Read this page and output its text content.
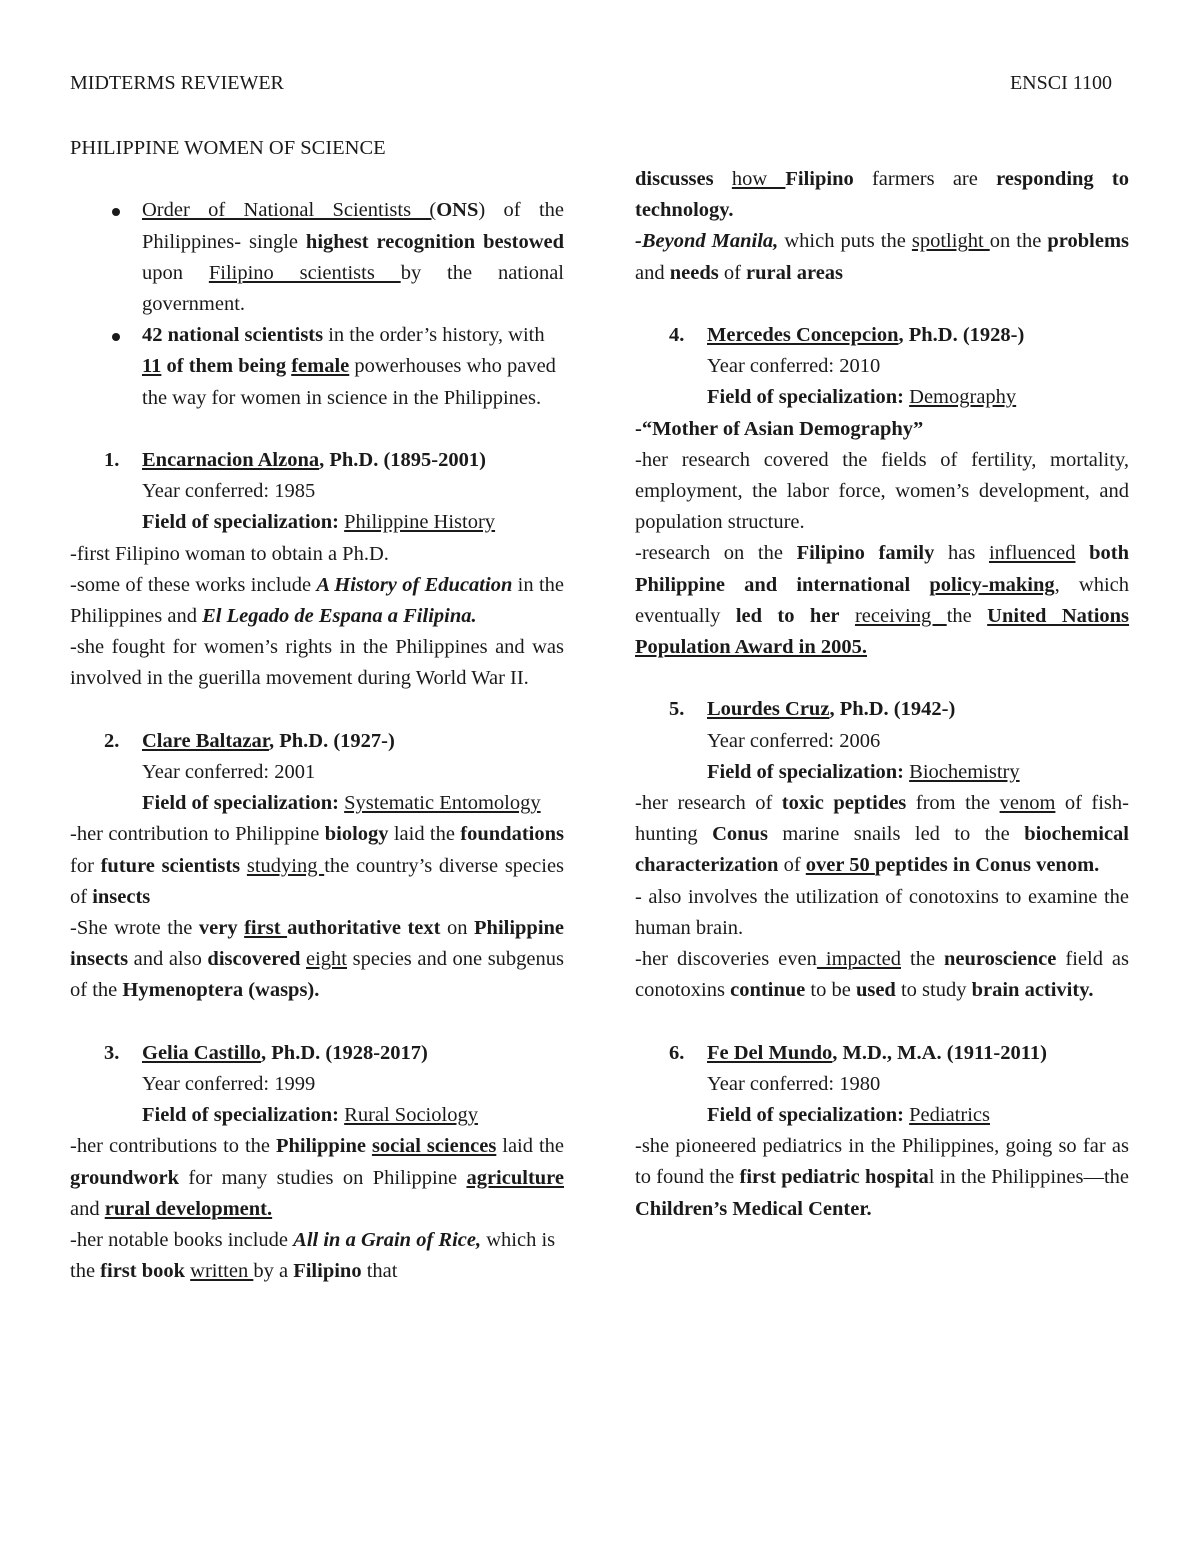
MIDTERMS REVIEWER	ENSCI 1100

PHILIPPINE WOMEN OF SCIENCE

Order of National Scientists (ONS) of the Philippines- single highest recognition bestowed upon Filipino scientists by the national government.
42 national scientists in the order’s history, with 11 of them being female powerhouses who paved the way for women in science in the Philippines.
1. Encarnacion Alzona, Ph.D. (1895-2001)
Year conferred: 1985
Field of specialization: Philippine History

-first Filipino woman to obtain a Ph.D.

-some of these works include A History of Education in the Philippines and El Legado de Espana a Filipina.

-she fought for women’s rights in the Philippines and was involved in the guerilla movement during World War II.

2. Clare Baltazar, Ph.D. (1927-)
Year conferred: 2001
Field of specialization: Systematic Entomology

-her contribution to Philippine biology laid the foundations for future scientists studying the country’s diverse species of insects

-She wrote the very first authoritative text on Philippine insects and also discovered eight species and one subgenus of the Hymenoptera (wasps).

3. Gelia Castillo, Ph.D. (1928-2017)
Year conferred: 1999
Field of specialization: Rural Sociology

-her contributions to the Philippine social sciences laid the groundwork for many studies on Philippine agriculture and rural development.

-her notable books include All in a Grain of Rice, which is the first book written by a Filipino that

discusses how Filipino farmers are responding to technology.

-Beyond Manila, which puts the spotlight on the problems and needs of rural areas

4. Mercedes Concepcion, Ph.D. (1928-)
Year conferred: 2010
Field of specialization: Demography

-“Mother of Asian Demography”

-her research covered the fields of fertility, mortality, employment, the labor force, women’s development, and population structure.

-research on the Filipino family has influenced both Philippine and international policy-making, which eventually led to her receiving the United Nations Population Award in 2005.

5. Lourdes Cruz, Ph.D. (1942-)
Year conferred: 2006
Field of specialization: Biochemistry

-her research of toxic peptides from the venom of fish-hunting Conus marine snails led to the biochemical characterization of over 50 peptides in Conus venom.

- also involves the utilization of conotoxins to examine the human brain.

-her discoveries even impacted the neuroscience field as conotoxins continue to be used to study brain activity.

6. Fe Del Mundo, M.D., M.A. (1911-2011)
Year conferred: 1980
Field of specialization: Pediatrics

-she pioneered pediatrics in the Philippines, going so far as to found the first pediatric hospital in the Philippines—the Children’s Medical Center.
